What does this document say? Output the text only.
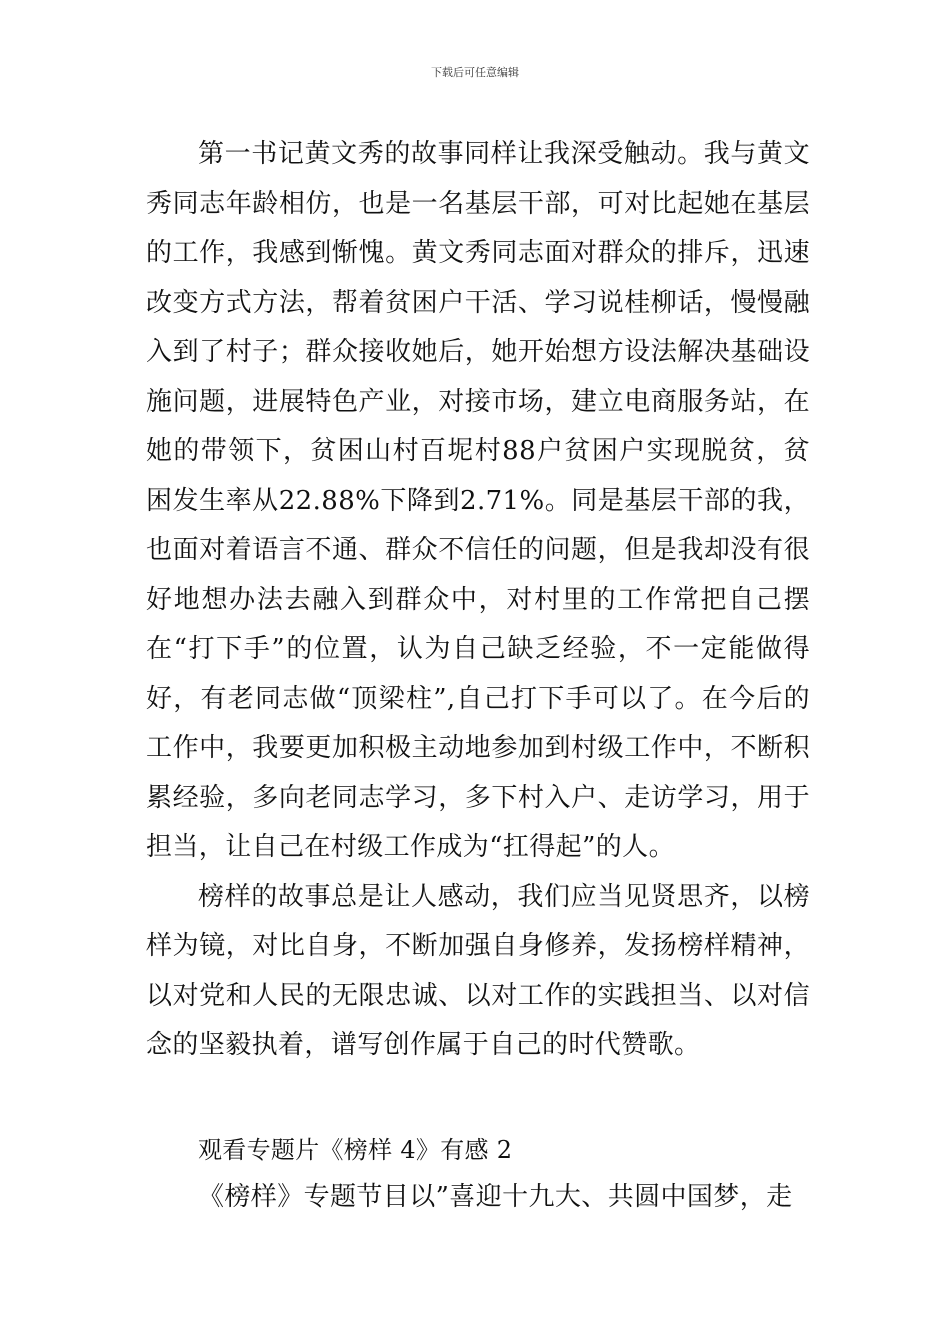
下载后可任意编辑

第一书记黄文秀的故事同样让我深受触动。我与黄文秀同志年龄相仿，也是一名基层干部，可对比起她在基层的工作，我感到惭愧。黄文秀同志面对群众的排斥，迅速改变方式方法，帮着贫困户干活、学习说桂柳话，慢慢融入到了村子；群众接收她后，她开始想方设法解决基础设施问题，进展特色产业，对接市场，建立电商服务站，在她的带领下，贫困山村百坭村88户贫困户实现脱贫，贫困发生率从22.88%下降到2.71%。同是基层干部的我，也面对着语言不通、群众不信任的问题，但是我却没有很好地想办法去融入到群众中，对村里的工作常把自己摆在“打下手”的位置，认为自己缺乏经验，不一定能做得好，有老同志做“顶梁柱”,自己打下手可以了。在今后的工作中，我要更加积极主动地参加到村级工作中，不断积累经验，多向老同志学习，多下村入户、走访学习，用于担当，让自己在村级工作成为“扛得起”的人。

榜样的故事总是让人感动，我们应当见贤思齐，以榜样为镜，对比自身，不断加强自身修养，发扬榜样精神，以对党和人民的无限忠诚、以对工作的实践担当、以对信念的坚毅执着，谱写创作属于自己的时代赞歌。

观看专题片《榜样 4》有感 2

《榜样》专题节目以”喜迎十九大、共圆中国梦，走
